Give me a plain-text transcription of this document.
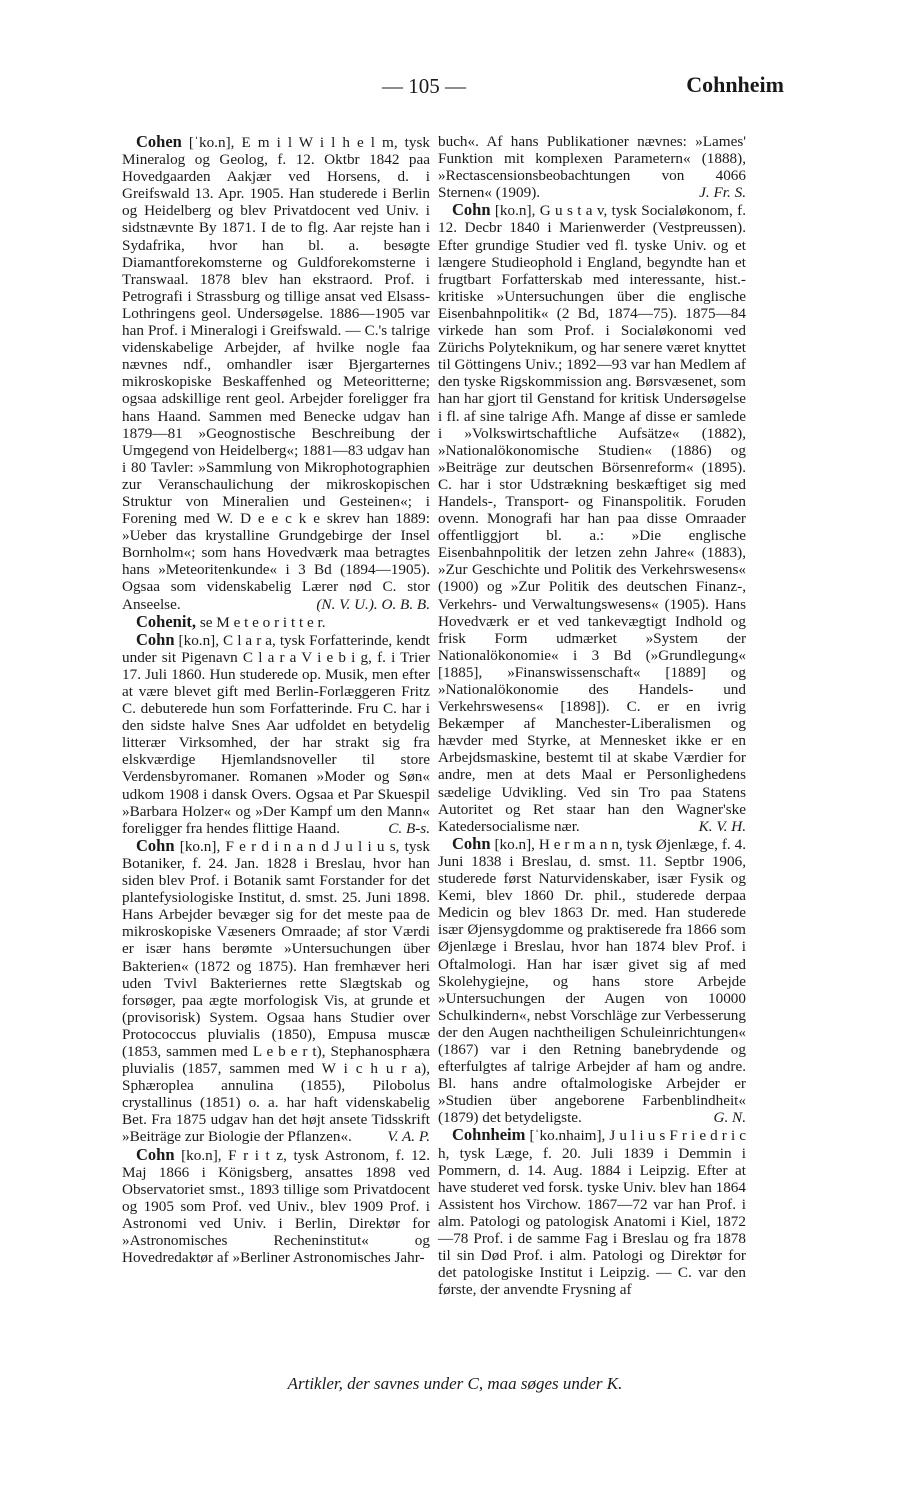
— 105 —	Cohnheim

Cohen [ˈko.n], E m i l W i l h e l m, tysk Mineralog og Geolog, f. 12. Oktbr 1842 paa Hovedgaarden Aakjær ved Horsens, d. i Greifswald 13. Apr. 1905. Han studerede i Berlin og Heidelberg og blev Privatdocent ved Univ. i sidstnævnte By 1871. I de to flg. Aar rejste han i Sydafrika, hvor han bl. a. besøgte Diamantforekomsterne og Guldforekomsterne i Transwaal. 1878 blev han ekstraord. Prof. i Petrografi i Strassburg og tillige ansat ved Elsass-Lothringens geol. Undersøgelse. 1886—1905 var han Prof. i Mineralogi i Greifswald. — C.'s talrige videnskabelige Arbejder, af hvilke nogle faa nævnes ndf., omhandler især Bjergarternes mikroskopiske Beskaffenhed og Meteoritterne; ogsaa adskillige rent geol. Arbejder foreligger fra hans Haand. Sammen med Benecke udgav han 1879—81 »Geognostische Beschreibung der Umgegend von Heidelberg«; 1881—83 udgav han i 80 Tavler: »Sammlung von Mikrophotographien zur Veranschaulichung der mikroskopischen Struktur von Mineralien und Gesteinen«; i Forening med W. D e e c k e skrev han 1889: »Ueber das krystalline Grundgebirge der Insel Bornholm«; som hans Hovedværk maa betragtes hans »Meteoritenkunde« i 3 Bd (1894—1905). Ogsaa som videnskabelig Lærer nød C. stor Anseelse.	(N. V. U.). O. B. B.

Cohenit, se M e t e o r i t t e r.

Cohn [ko.n], C l a r a, tysk Forfatterinde, kendt under sit Pigenavn C l a r a V i e b i g, f. i Trier 17. Juli 1860. Hun studerede op. Musik, men efter at være blevet gift med Berlin-Forlæggeren Fritz C. debuterede hun som Forfatterinde. Fru C. har i den sidste halve Snes Aar udfoldet en betydelig litterær Virksomhed, der har strakt sig fra elskværdige Hjemlandsnoveller til store Verdensbyromaner. Romanen »Moder og Søn« udkom 1908 i dansk Overs. Ogsaa et Par Skuespil »Barbara Holzer« og »Der Kampf um den Mann« foreligger fra hendes flittige Haand.	C. B-s.

Cohn [ko.n], F e r d i n a n d J u l i u s, tysk Botaniker, f. 24. Jan. 1828 i Breslau, hvor han siden blev Prof. i Botanik samt Forstander for det plantefysiologiske Institut, d. smst. 25. Juni 1898. Hans Arbejder bevæger sig for det meste paa de mikroskopiske Væseners Omraade; af stor Værdi er især hans berømte »Untersuchungen über Bakterien« (1872 og 1875). Han fremhæver heri uden Tvivl Bakteriernes rette Slægtskab og forsøger, paa ægte morfologisk Vis, at grunde et (provisorisk) System. Ogsaa hans Studier over Protococcus pluvialis (1850), Empusa muscæ (1853, sammen med L e b e r t), Stephanosphæra pluvialis (1857, sammen med W i c h u r a), Sphæroplea annulina (1855), Pilobolus crystallinus (1851) o. a. har haft videnskabelig Bet. Fra 1875 udgav han det højt ansete Tidsskrift »Beiträge zur Biologie der Pflanzen«.	V. A. P.

Cohn [ko.n], F r i t z, tysk Astronom, f. 12. Maj 1866 i Königsberg, ansattes 1898 ved Observatoriet smst., 1893 tillige som Privatdocent og 1905 som Prof. ved Univ., blev 1909 Prof. i Astronomi ved Univ. i Berlin, Direktør for »Astronomisches Recheninstitut« og Hovedredaktør af »Berliner Astronomisches Jahr-

buch«. Af hans Publikationer nævnes: »Lames' Funktion mit komplexen Parametern« (1888), »Rectascensionsbeobachtungen von 4066 Sternen« (1909).	J. Fr. S.

Cohn [ko.n], G u s t a v, tysk Socialøkonom, f. 12. Decbr 1840 i Marienwerder (Vestpreussen). Efter grundige Studier ved fl. tyske Univ. og et længere Studieophold i England, begyndte han et frugtbart Forfatterskab med interessante, hist.-kritiske »Untersuchungen über die englische Eisenbahnpolitik« (2 Bd, 1874—75). 1875—84 virkede han som Prof. i Socialøkonomi ved Zürichs Polyteknikum, og har senere været knyttet til Göttingens Univ.; 1892—93 var han Medlem af den tyske Rigskommission ang. Børsvæsenet, som han har gjort til Genstand for kritisk Undersøgelse i fl. af sine talrige Afh. Mange af disse er samlede i »Volkswirtschaftliche Aufsätze« (1882), »Nationalökonomische Studien« (1886) og »Beiträge zur deutschen Börsenreform« (1895). C. har i stor Udstrækning beskæftiget sig med Handels-, Transport- og Finanspolitik. Foruden ovenn. Monografi har han paa disse Omraader offentliggjort bl. a.: »Die englische Eisenbahnpolitik der letzen zehn Jahre« (1883), »Zur Geschichte und Politik des Verkehrswesens« (1900) og »Zur Politik des deutschen Finanz-, Verkehrs- und Verwaltungswesens« (1905). Hans Hovedværk er et ved tankevægtigt Indhold og frisk Form udmærket »System der Nationalökonomie« i 3 Bd (»Grundlegung« [1885], »Finanswissenschaft« [1889] og »Nationalökonomie des Handels- und Verkehrswesens« [1898]). C. er en ivrig Bekæmper af Manchester-Liberalismen og hævder med Styrke, at Mennesket ikke er en Arbejdsmaskine, bestemt til at skabe Værdier for andre, men at dets Maal er Personlighedens sædelige Udvikling. Ved sin Tro paa Statens Autoritet og Ret staar han den Wagner'ske Katedersocialisme nær.	K. V. H.

Cohn [ko.n], H e r m a n n, tysk Øjenlæge, f. 4. Juni 1838 i Breslau, d. smst. 11. Septbr 1906, studerede først Naturvidenskaber, især Fysik og Kemi, blev 1860 Dr. phil., studerede derpaa Medicin og blev 1863 Dr. med. Han studerede især Øjensygdomme og praktiserede fra 1866 som Øjenlæge i Breslau, hvor han 1874 blev Prof. i Oftalmologi. Han har især givet sig af med Skolehygiejne, og hans store Arbejde »Untersuchungen der Augen von 10000 Schulkindern«, nebst Vorschläge zur Verbesserung der den Augen nachtheiligen Schuleinrichtungen« (1867) var i den Retning banebrydende og efterfulgtes af talrige Arbejder af ham og andre. Bl. hans andre oftalmologiske Arbejder er »Studien über angeborene Farbenblindheit« (1879) det betydeligste.	G. N.

Cohnheim [ˈko.nhaim], J u l i u s F r i e d r i c h, tysk Læge, f. 20. Juli 1839 i Demmin i Pommern, d. 14. Aug. 1884 i Leipzig. Efter at have studeret ved forsk. tyske Univ. blev han 1864 Assistent hos Virchow. 1867—72 var han Prof. i alm. Patologi og patologisk Anatomi i Kiel, 1872—78 Prof. i de samme Fag i Breslau og fra 1878 til sin Død Prof. i alm. Patologi og Direktør for det patologiske Institut i Leipzig. — C. var den første, der anvendte Frysning af

Artikler, der savnes under C, maa søges under K.
